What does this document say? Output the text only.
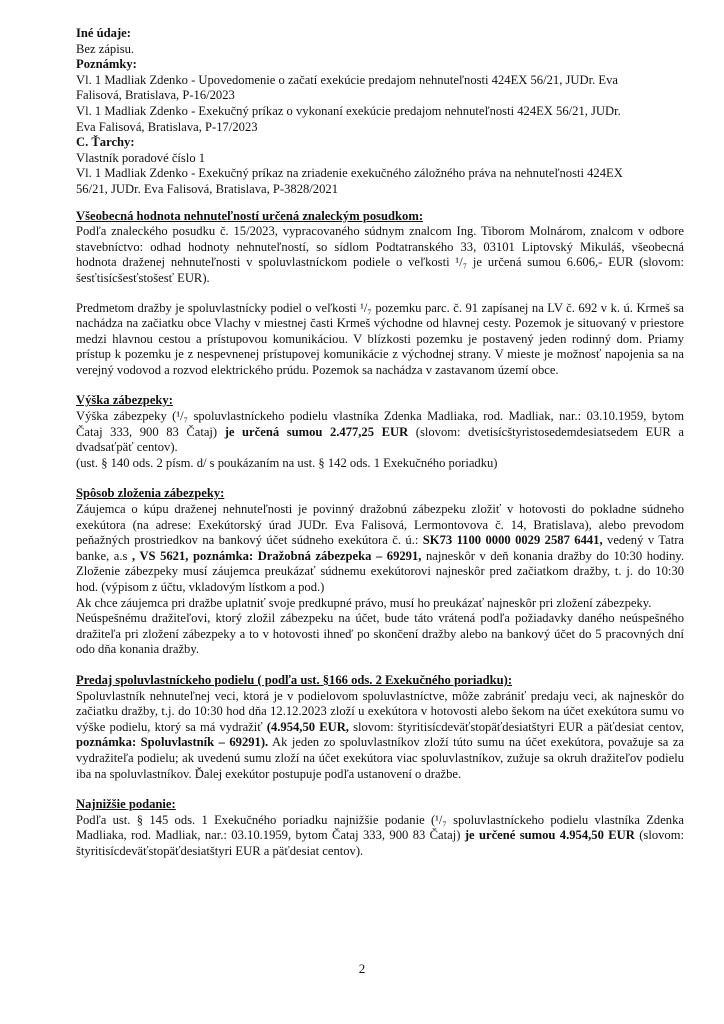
Iné údaje:
Bez zápisu.
Poznámky:
Vl. 1 Madliak Zdenko - Upovedomenie o začatí exekúcie predajom nehnuteľnosti 424EX 56/21, JUDr. Eva
Falisová, Bratislava, P-16/2023
Vl. 1 Madliak Zdenko - Exekučný príkaz o vykonaní exekúcie predajom nehnuteľnosti 424EX 56/21, JUDr.
Eva Falisová, Bratislava, P-17/2023
C. Ťarchy:
Vlastník poradové číslo 1
Vl. 1 Madliak Zdenko - Exekučný príkaz na zriadenie exekučného záložného práva na nehnuteľnosti 424EX
56/21, JUDr. Eva Falisová, Bratislava, P-3828/2021
Všeobecná hodnota nehnuteľností určená znaleckým posudkom:

Podľa znaleckého posudku č. 15/2023, vypracovaného súdnym znalcom Ing. Tiborom Molnárom, znalcom v odbore stavebníctvo: odhad hodnoty nehnuteľností, so sídlom Podtatranského 33, 03101 Liptovský Mikuláš, všeobecná hodnota draženej nehnuteľnosti v spoluvlastníckom podiele o veľkosti ¹/₇ je určená sumou 6.606,- EUR (slovom: šesťtisícšesťstošesť EUR).

Predmetom dražby je spoluvlastnícky podiel o veľkosti ¹/₇ pozemku parc. č. 91 zapísanej na LV č. 692 v k. ú. Krmeš sa nachádza na začiatku obce Vlachy v miestnej časti Krmeš východne od hlavnej cesty. Pozemok je situovaný v priestore medzi hlavnou cestou a prístupovou komunikáciou. V blízkosti pozemku je postavený jeden rodinný dom. Priamy prístup k pozemku je z nespevnenej prístupovej komunikácie z východnej strany. V mieste je možnosť napojenia sa na verejný vodovod a rozvod elektrického prúdu. Pozemok sa nachádza v zastavanom území obce.

Výška zábezpeky:

Výška zábezpeky (¹/₇ spoluvlastníckeho podielu vlastníka Zdenka Madliaka, rod. Madliak, nar.: 03.10.1959, bytom Čataj 333, 900 83 Čataj) je určená sumou 2.477,25 EUR (slovom: dvetisícštyristosedemdesiatsedem EUR a dvadsaťpäť centov).

(ust. § 140 ods. 2 písm. d/ s poukázaním na ust. § 142 ods. 1 Exekučného poriadku)

Spôsob zloženia zábezpeky:

Záujemca o kúpu draženej nehnuteľnosti je povinný dražobnú zábezpeku zložiť v hotovosti do pokladne súdneho exekútora (na adrese: Exekútorský úrad JUDr. Eva Falisová, Lermontovova č. 14, Bratislava), alebo prevodom peňažných prostriedkov na bankový účet súdneho exekútora č. ú.: SK73 1100 0000 0029 2587 6441, vedený v Tatra banke, a.s , VS 5621, poznámka: Dražobná zábezpeka – 69291, najneskôr v deň konania dražby do 10:30 hodiny. Zloženie zábezpeky musí záujemca preukázať súdnemu exekútorovi najneskôr pred začiatkom dražby, t. j. do 10:30 hod. (výpisom z účtu, vkladovým lístkom a pod.)

Ak chce záujemca pri dražbe uplatniť svoje predkupné právo, musí ho preukázať najneskôr pri zložení zábezpeky.

Neúspešnému dražiteľovi, ktorý zložil zábezpeku na účet, bude táto vrátená podľa požiadavky daného neúspešného dražiteľa pri zložení zábezpeky a to v hotovosti ihneď po skončení dražby alebo na bankový účet do 5 pracovných dní odo dňa konania dražby.

Predaj spoluvlastníckeho podielu ( podľa ust. §166 ods. 2 Exekučného poriadku):

Spoluvlastník nehnuteľnej veci, ktorá je v podielovom spoluvlastníctve, môže zabrániť predaju veci, ak najneskôr do začiatku dražby, t.j. do 10:30 hod dňa 12.12.2023 zloží u exekútora v hotovosti alebo šekom na účet exekútora sumu vo výške podielu, ktorý sa má vydražiť (4.954,50 EUR, slovom: štyritisícdeväťstopäťdesiatštyri EUR a päťdesiat centov, poznámka: Spoluvlastník – 69291). Ak jeden zo spoluvlastníkov zloží túto sumu na účet exekútora, považuje sa za vydražiteľa podielu; ak uvedenú sumu zloží na účet exekútora viac spoluvlastníkov, zužuje sa okruh dražiteľov podielu iba na spoluvlastníkov. Ďalej exekútor postupuje podľa ustanovení o dražbe.

Najnižšie podanie:

Podľa ust. § 145 ods. 1 Exekučného poriadku najnižšie podanie (¹/₇ spoluvlastníckeho podielu vlastníka Zdenka Madliaka, rod. Madliak, nar.: 03.10.1959, bytom Čataj 333, 900 83 Čataj) je určené sumou 4.954,50 EUR (slovom: štyritisícdeväťstopäťdesiatštyri EUR a päťdesiat centov).

2
